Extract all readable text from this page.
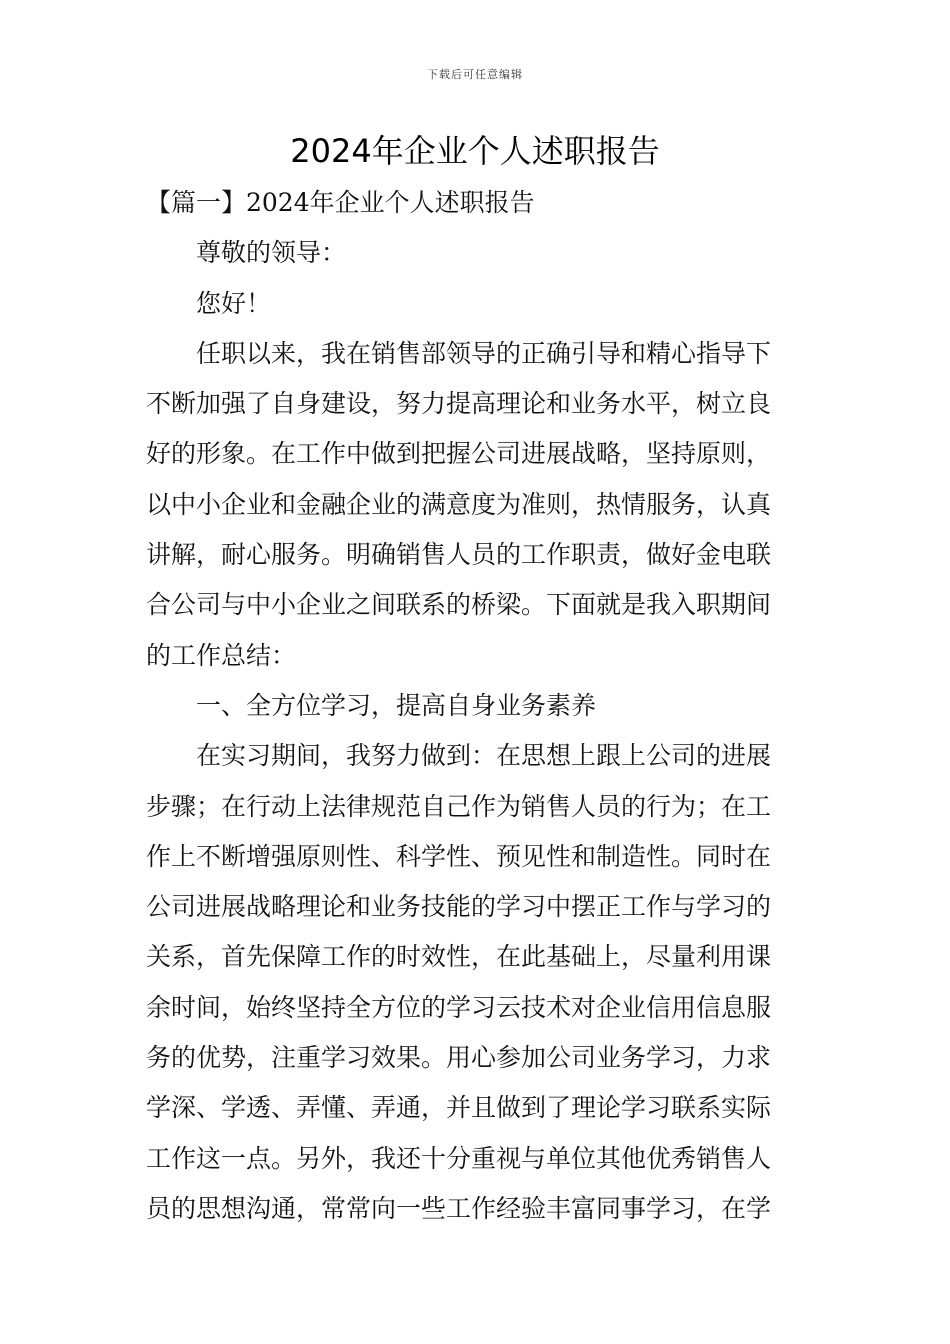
下载后可任意编辑
2024年企业个人述职报告

【篇一】2024年企业个人述职报告

尊敬的领导：

您好！

任职以来，我在销售部领导的正确引导和精心指导下

不断加强了自身建设，努力提高理论和业务水平，树立良

好的形象。在工作中做到把握公司进展战略，坚持原则，

以中小企业和金融企业的满意度为准则，热情服务，认真

讲解，耐心服务。明确销售人员的工作职责，做好金电联

合公司与中小企业之间联系的桥梁。下面就是我入职期间

的工作总结：

一、全方位学习，提高自身业务素养

在实习期间，我努力做到：在思想上跟上公司的进展

步骤；在行动上法律规范自己作为销售人员的行为；在工

作上不断增强原则性、科学性、预见性和制造性。同时在

公司进展战略理论和业务技能的学习中摆正工作与学习的

关系，首先保障工作的时效性，在此基础上，尽量利用课

余时间，始终坚持全方位的学习云技术对企业信用信息服

务的优势，注重学习效果。用心参加公司业务学习，力求

学深、学透、弄懂、弄通，并且做到了理论学习联系实际

工作这一点。另外，我还十分重视与单位其他优秀销售人

员的思想沟通，常常向一些工作经验丰富同事学习，在学
